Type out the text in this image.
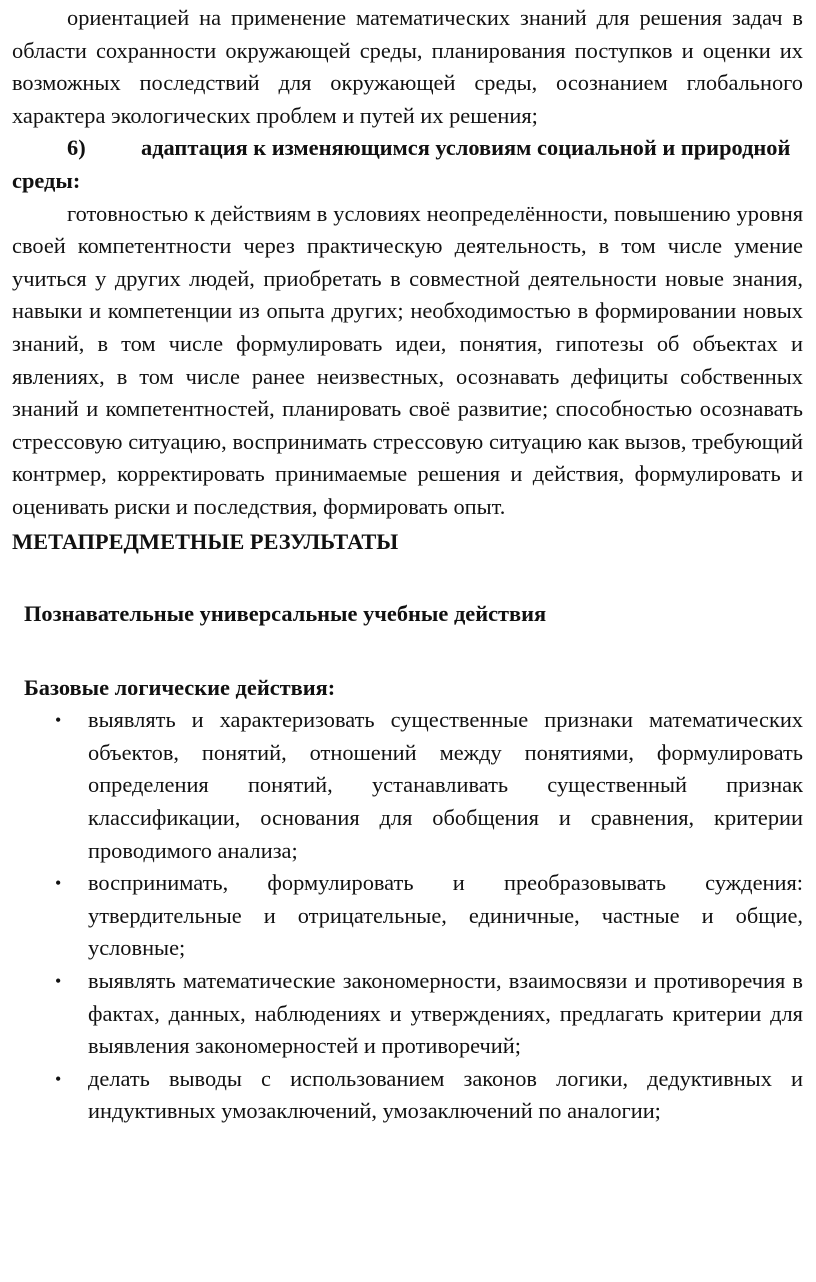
ориентацией на применение математических знаний для решения задач в области сохранности окружающей среды, планирования поступков и оценки их возможных последствий для окружающей среды, осознанием глобального характера экологических проблем и путей их решения;

6) адаптация к изменяющимся условиям социальной и природной среды:

готовностью к действиям в условиях неопределённости, повышению уровня своей компетентности через практическую деятельность, в том числе умение учиться у других людей, приобретать в совместной деятельности новые знания, навыки и компетенции из опыта других; необходимостью в формировании новых знаний, в том числе формулировать идеи, понятия, гипотезы об объектах и явлениях, в том числе ранее неизвестных, осознавать дефициты собственных знаний и компетентностей, планировать своё развитие; способностью осознавать стрессовую ситуацию, воспринимать стрессовую ситуацию как вызов, требующий контрмер, корректировать принимаемые решения и действия, формулировать и оценивать риски и последствия, формировать опыт.

МЕТАПРЕДМЕТНЫЕ РЕЗУЛЬТАТЫ

Познавательные универсальные учебные действия

Базовые логические действия:

• выявлять и характеризовать существенные признаки математических объектов, понятий, отношений между понятиями, формулировать определения понятий, устанавливать существенный признак классификации, основания для обобщения и сравнения, критерии проводимого анализа;
• воспринимать, формулировать и преобразовывать суждения: утвердительные и отрицательные, единичные, частные и общие, условные;
• выявлять математические закономерности, взаимосвязи и противоречия в фактах, данных, наблюдениях и утверждениях, предлагать критерии для выявления закономерностей и противоречий;
• делать выводы с использованием законов логики, дедуктивных и индуктивных умозаключений, умозаключений по аналогии;
